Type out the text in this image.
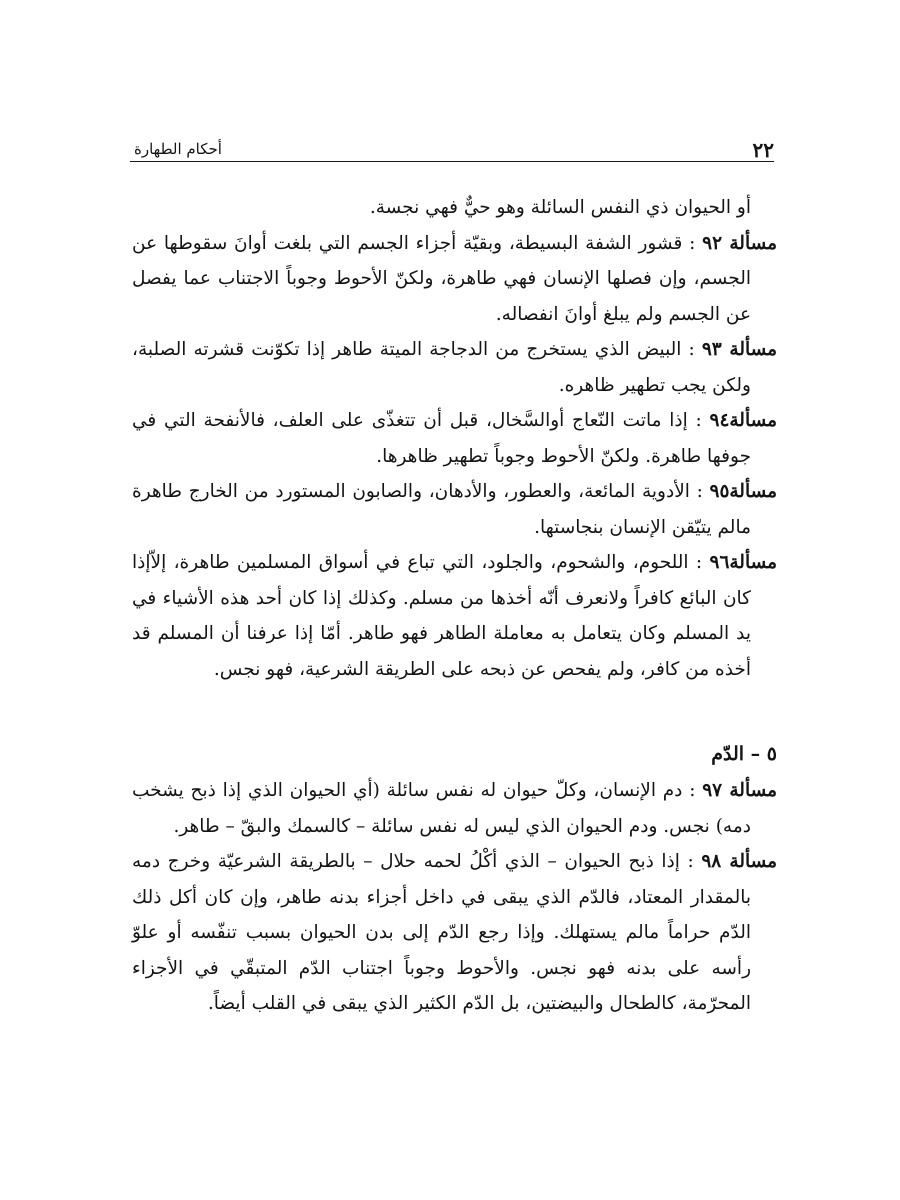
٢٢
أحكام الطهارة

أو الحيوان ذي النفس السائلة وهو حيٌّ فهي نجسة.

مسألة ٩٢ : قشور الشفة البسيطة، وبقيّة أجزاء الجسم التي بلغت أوانَ سقوطها عن الجسم، وإن فصلها الإنسان فهي طاهرة، ولكنّ الأحوط وجوباً الاجتناب عما يفصل عن الجسم ولم يبلغ أوانَ انفصاله.

مسألة ٩٣ : البيض الذي يستخرج من الدجاجة الميتة طاهر إذا تكوّنت قشرته الصلبة، ولكن يجب تطهير ظاهره.

مسألة٩٤ : إذا ماتت النّعاج أوالسَّخال، قبل أن تتغذّى على العلف، فالأنفحة التي في جوفها طاهرة. ولكنّ الأحوط وجوباً تطهير ظاهرها.

مسألة٩٥ : الأدوية المائعة، والعطور، والأدهان، والصابون المستورد من الخارج طاهرة مالم يتيّقن الإنسان بنجاستها.

مسألة٩٦ : اللحوم، والشحوم، والجلود، التي تباع في أسواق المسلمين طاهرة، إلاّإذا كان البائع كافراً ولانعرف أنّه أخذها من مسلم. وكذلك إذا كان أحد هذه الأشياء في يد المسلم وكان يتعامل به معاملة الطاهر فهو طاهر. أمّا إذا عرفنا أن المسلم قد أخذه من كافر، ولم يفحص عن ذبحه على الطريقة الشرعية، فهو نجس.

٥ – الدّم

مسألة ٩٧ : دم الإنسان، وكلّ حيوان له نفس سائلة (أي الحيوان الذي إذا ذبح يشخب دمه) نجس. ودم الحيوان الذي ليس له نفس سائلة – كالسمك والبقّ – طاهر.

مسألة ٩٨ : إذا ذبح الحيوان – الذي أكْلُ لحمه حلال – بالطريقة الشرعيّة وخرج دمه بالمقدار المعتاد، فالدّم الذي يبقى في داخل أجزاء بدنه طاهر، وإن كان أكل ذلك الدّم حراماً مالم يستهلك. وإذا رجع الدّم إلى بدن الحيوان بسبب تنفّسه أو علوّ رأسه على بدنه فهو نجس. والأحوط وجوباً اجتناب الدّم المتبقّي في الأجزاء المحرّمة، كالطحال والبيضتين، بل الدّم الكثير الذي يبقى في القلب أيضاً.
